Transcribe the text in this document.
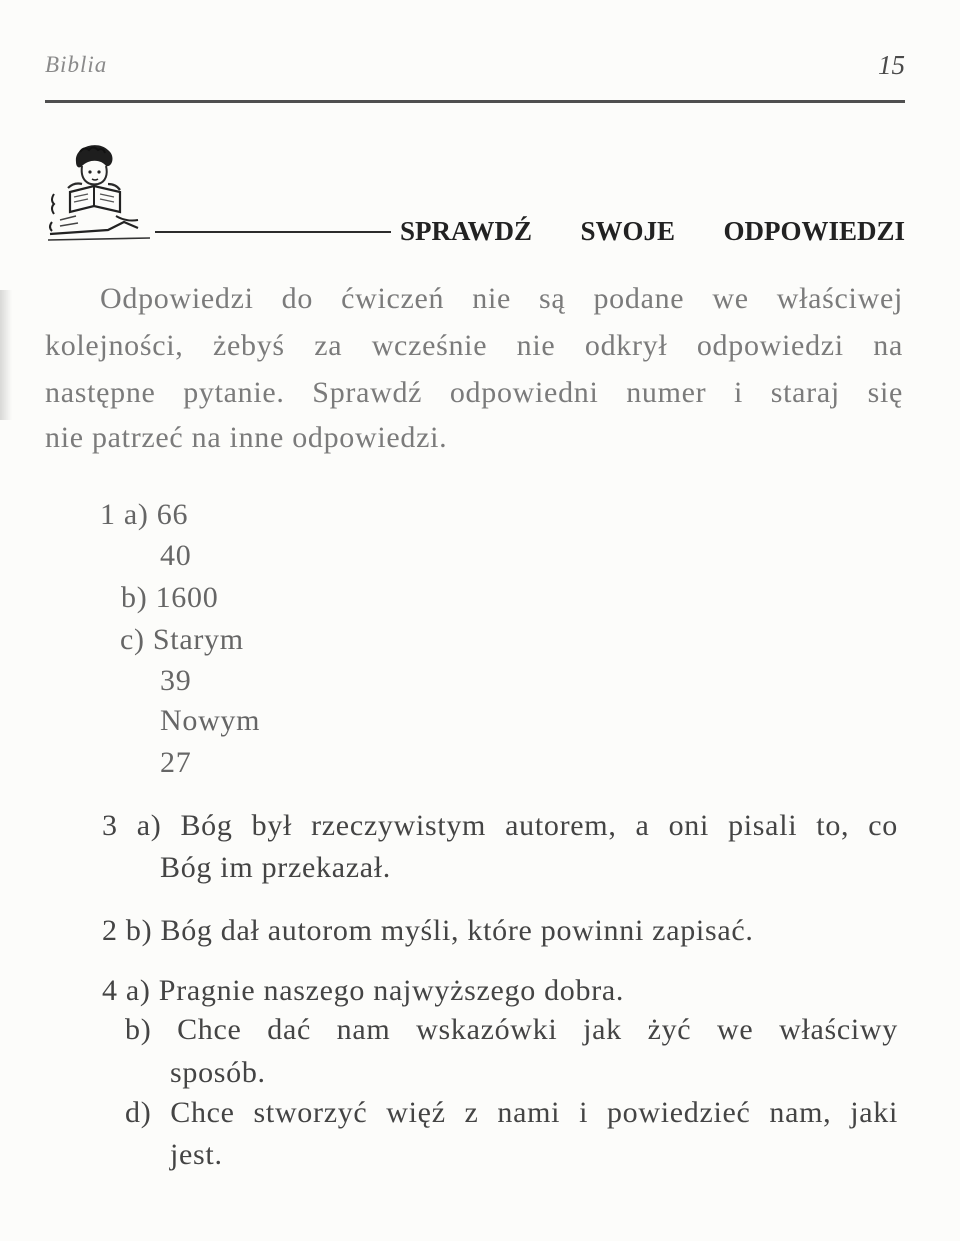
Biblia	15
SPRAWDŹ SWOJE ODPOWIEDZI
Odpowiedzi do ćwiczeń nie są podane we właściwej
kolejności, żebyś za wcześnie nie odkrył odpowiedzi na
następne pytanie. Sprawdź odpowiedni numer i staraj się
nie patrzeć na inne odpowiedzi.
1 a) 66
40
b) 1600
c) Starym
39
Nowym
27
3 a) Bóg był rzeczywistym autorem, a oni pisali to, co
Bóg im przekazał.
2 b) Bóg dał autorom myśli, które powinni zapisać.
4 a) Pragnie naszego najwyższego dobra.
b) Chce dać nam wskazówki jak żyć we właściwy
sposób.
d) Chce stworzyć więź z nami i powiedzieć nam, jaki
jest.
